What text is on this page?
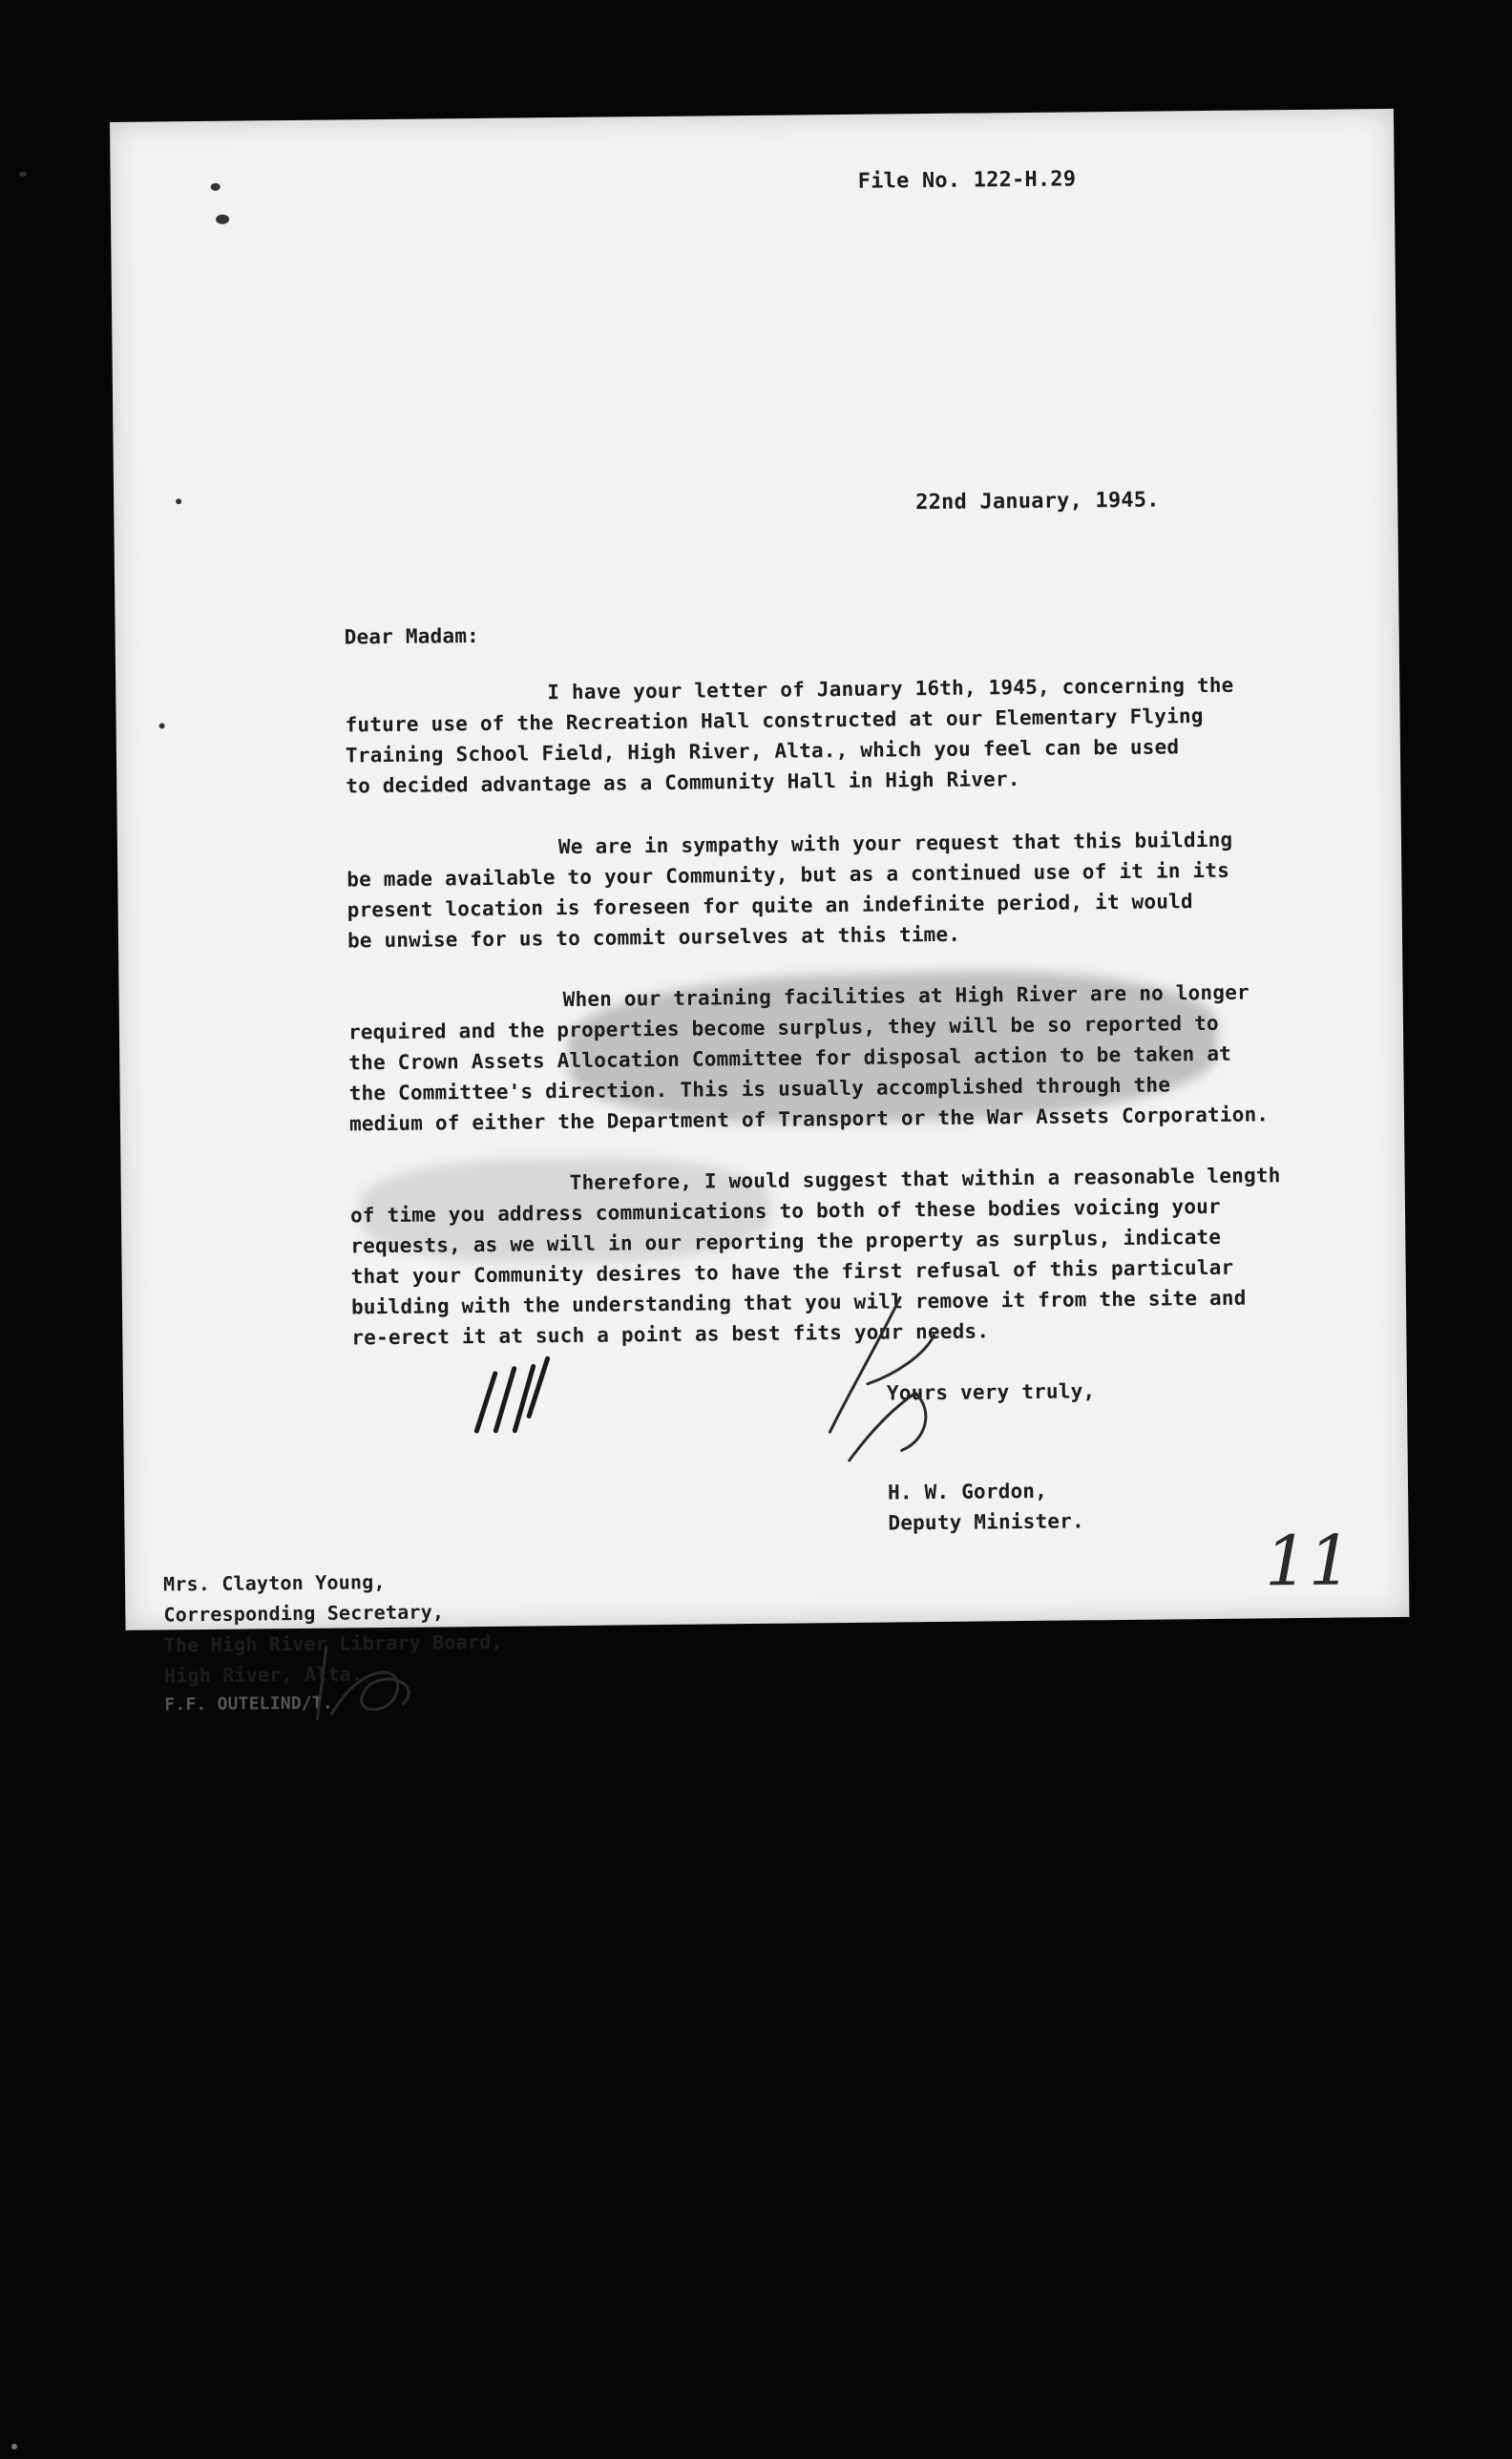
File No. 122-H.29
22nd January, 1945.
Dear Madam:
I have your letter of January 16th, 1945, concerning the
future use of the Recreation Hall constructed at our Elementary Flying
Training School Field, High River, Alta., which you feel can be used
to decided advantage as a Community Hall in High River.
We are in sympathy with your request that this building
be made available to your Community, but as a continued use of it in its
present location is foreseen for quite an indefinite period, it would
be unwise for us to commit ourselves at this time.
When our training facilities at High River are no longer
required and the properties become surplus, they will be so reported to
the Crown Assets Allocation Committee for disposal action to be taken at
the Committee's direction. This is usually accomplished through the
medium of either the Department of Transport or the War Assets Corporation.
Therefore, I would suggest that within a reasonable length
of time you address communications to both of these bodies voicing your
requests, as we will in our reporting the property as surplus, indicate
that your Community desires to have the first refusal of this particular
building with the understanding that you will remove it from the site and
re-erect it at such a point as best fits your needs.
Yours very truly,
H. W. Gordon,
Deputy Minister.
Mrs. Clayton Young,
Corresponding Secretary,
The High River Library Board,
High River, Alta.
F.F. OUTELIND/T.
11
